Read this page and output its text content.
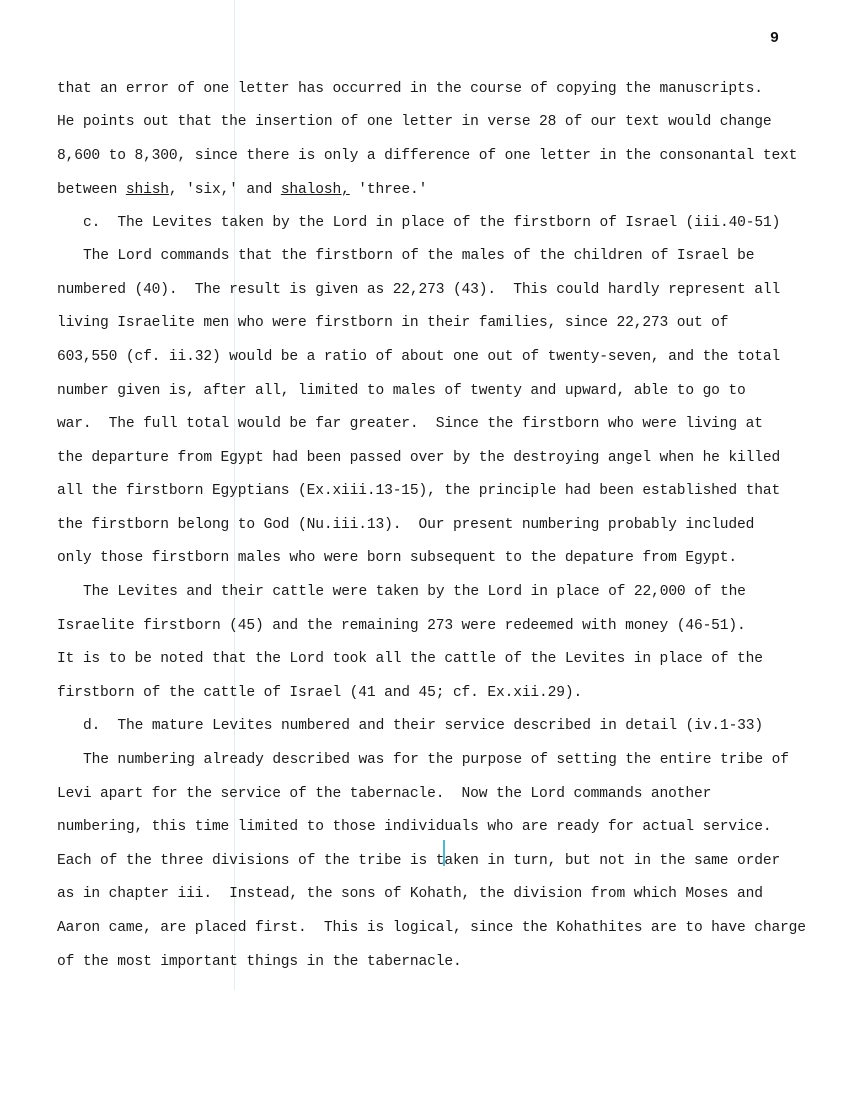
9
that an error of one letter has occurred in the course of copying the manuscripts.
He points out that the insertion of one letter in verse 28 of our text would change
8,600 to 8,300, since there is only a difference of one letter in the consonantal text
between shish, 'six,' and shalosh, 'three.'
c.  The Levites taken by the Lord in place of the firstborn of Israel (iii.40-51)
The Lord commands that the firstborn of the males of the children of Israel be
numbered (40).  The result is given as 22,273 (43).  This could hardly represent all
living Israelite men who were firstborn in their families, since 22,273 out of
603,550 (cf. ii.32) would be a ratio of about one out of twenty-seven, and the total
number given is, after all, limited to males of twenty and upward, able to go to
war.  The full total would be far greater.  Since the firstborn who were living at
the departure from Egypt had been passed over by the destroying angel when he killed
all the firstborn Egyptians (Ex.xiii.13-15), the principle had been established that
the firstborn belong to God (Nu.iii.13).  Our present numbering probably included
only those firstborn males who were born subsequent to the depature from Egypt.
The Levites and their cattle were taken by the Lord in place of 22,000 of the
Israelite firstborn (45) and the remaining 273 were redeemed with money (46-51).
It is to be noted that the Lord took all the cattle of the Levites in place of the
firstborn of the cattle of Israel (41 and 45; cf. Ex.xii.29).
d.  The mature Levites numbered and their service described in detail (iv.1-33)
The numbering already described was for the purpose of setting the entire tribe of
Levi apart for the service of the tabernacle.  Now the Lord commands another
numbering, this time limited to those individuals who are ready for actual service.
Each of the three divisions of the tribe is taken in turn, but not in the same order
as in chapter iii.  Instead, the sons of Kohath, the division from which Moses and
Aaron came, are placed first.  This is logical, since the Kohathites are to have charge
of the most important things in the tabernacle.
